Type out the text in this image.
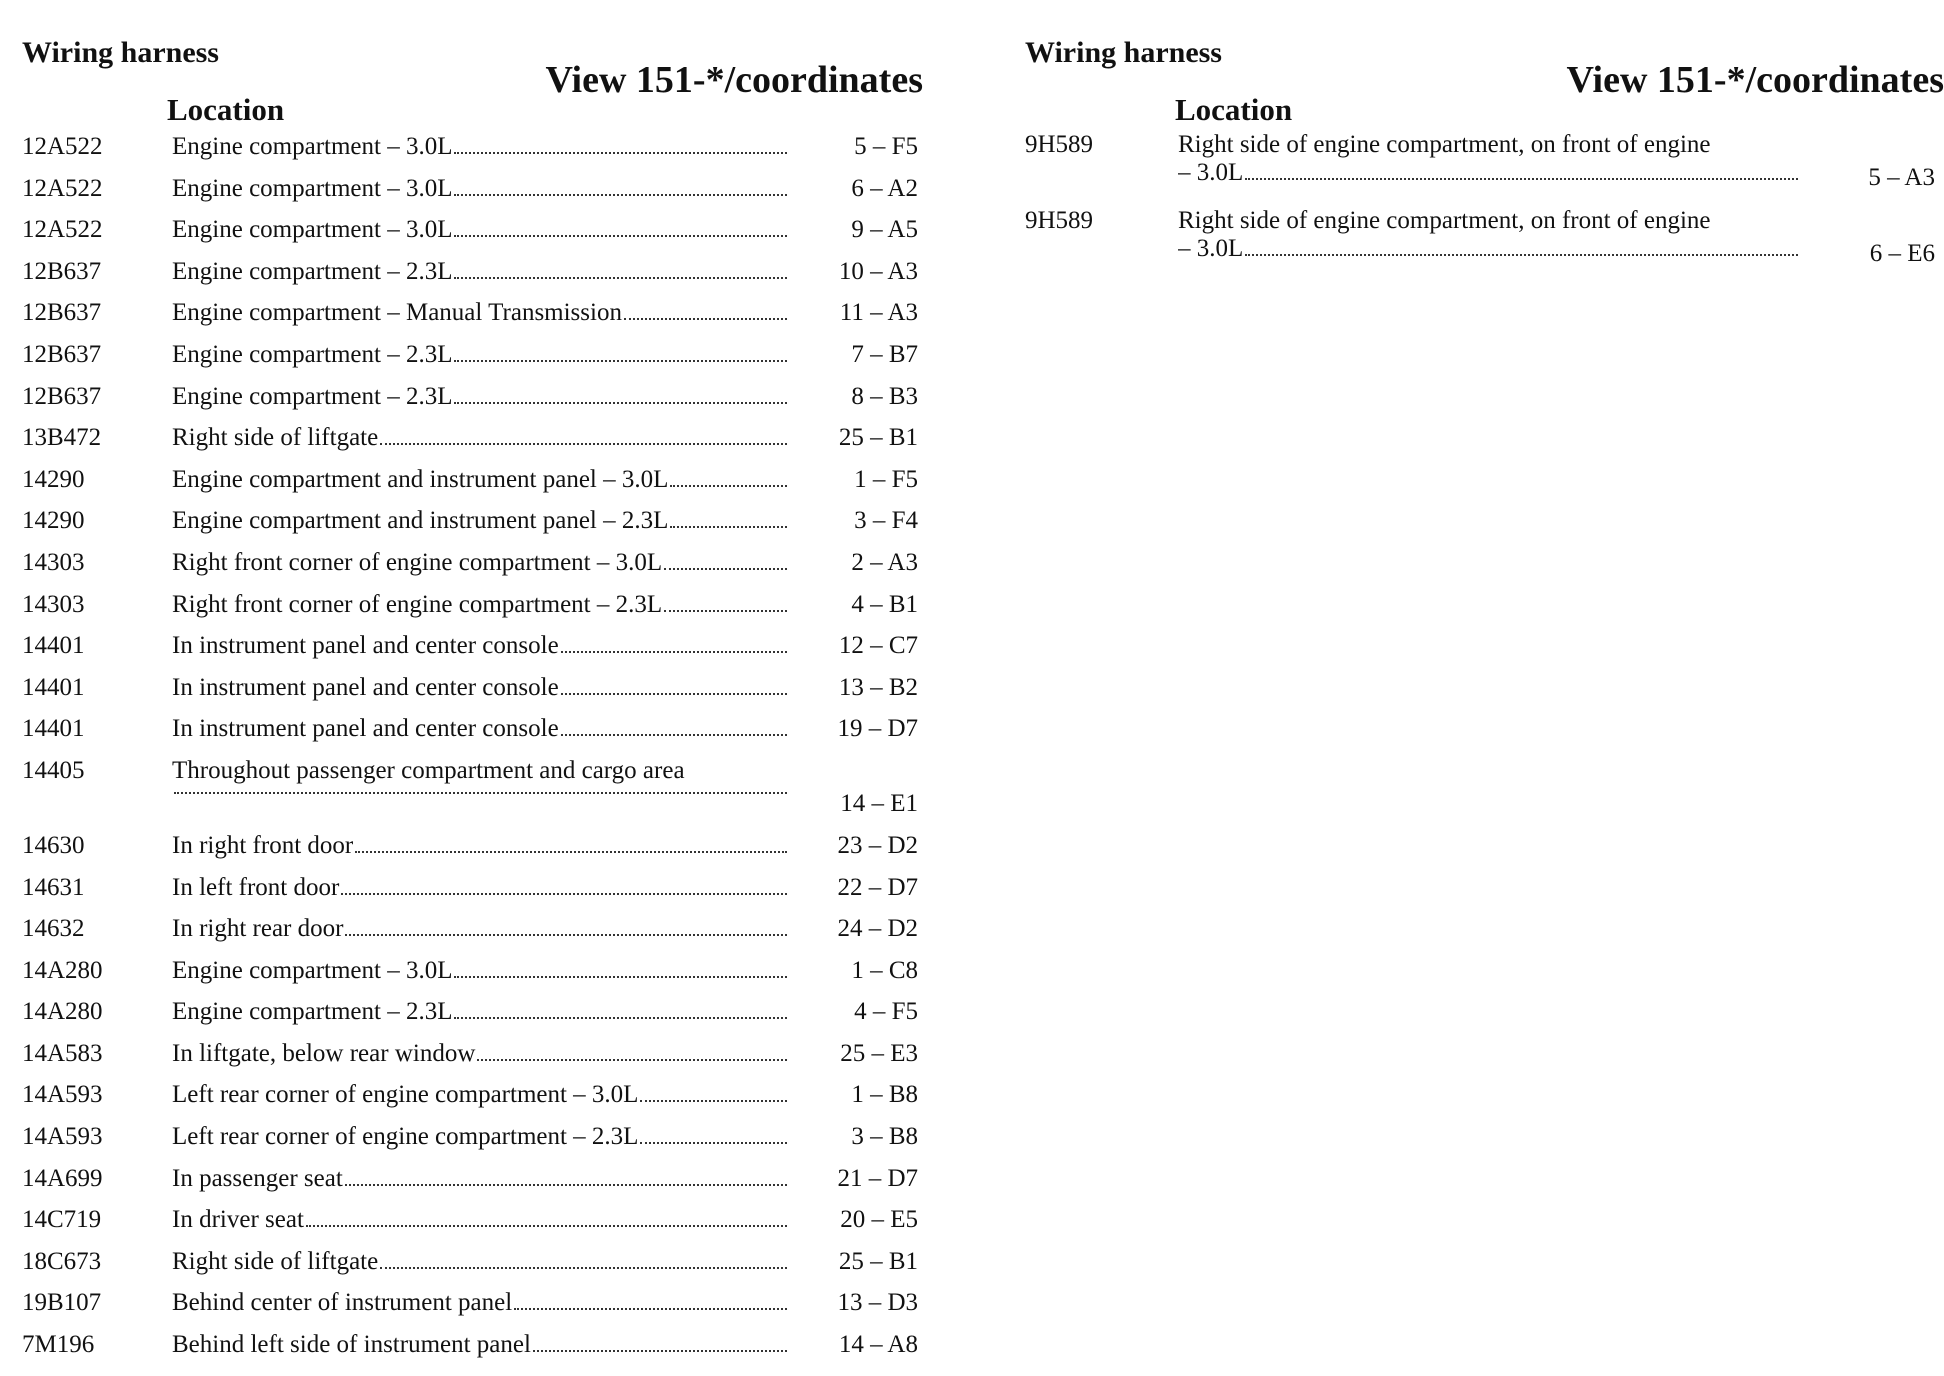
Wiring harness
View 151-*/coordinates
Location
12A522	Engine compartment – 3.0L	5 – F5
12A522	Engine compartment – 3.0L	6 – A2
12A522	Engine compartment – 3.0L	9 – A5
12B637	Engine compartment – 2.3L	10 – A3
12B637	Engine compartment – Manual Transmission	11 – A3
12B637	Engine compartment – 2.3L	7 – B7
12B637	Engine compartment – 2.3L	8 – B3
13B472	Right side of liftgate	25 – B1
14290	Engine compartment and instrument panel – 3.0L	1 – F5
14290	Engine compartment and instrument panel – 2.3L	3 – F4
14303	Right front corner of engine compartment – 3.0L	2 – A3
14303	Right front corner of engine compartment – 2.3L	4 – B1
14401	In instrument panel and center console	12 – C7
14401	In instrument panel and center console	13 – B2
14401	In instrument panel and center console	19 – D7
14405	Throughout passenger compartment and cargo area
14 – E1
14630	In right front door	23 – D2
14631	In left front door	22 – D7
14632	In right rear door	24 – D2
14A280	Engine compartment – 3.0L	1 – C8
14A280	Engine compartment – 2.3L	4 – F5
14A583	In liftgate, below rear window	25 – E3
14A593	Left rear corner of engine compartment – 3.0L	1 – B8
14A593	Left rear corner of engine compartment – 2.3L	3 – B8
14A699	In passenger seat	21 – D7
14C719	In driver seat	20 – E5
18C673	Right side of liftgate	25 – B1
19B107	Behind center of instrument panel	13 – D3
7M196	Behind left side of instrument panel	14 – A8
Wiring harness
View 151-*/coordinates
Location
9H589	Right side of engine compartment, on front of engine
– 3.0L	5 – A3
9H589	Right side of engine compartment, on front of engine
– 3.0L	6 – E6
